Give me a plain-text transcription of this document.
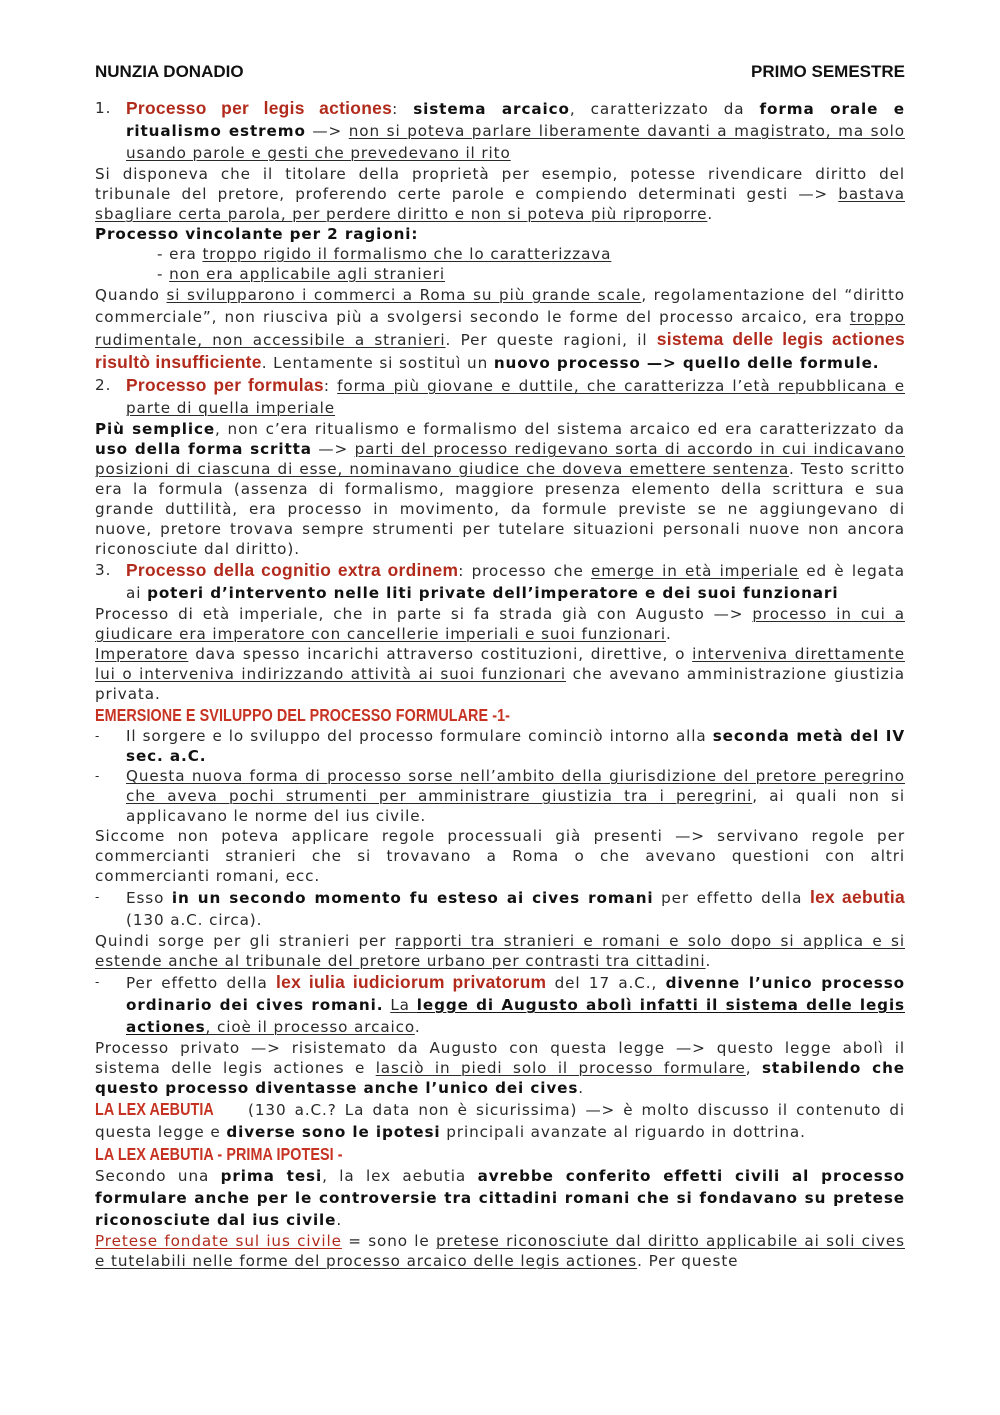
NUNZIA DONADIO	PRIMO SEMESTRE

1. Processo per legis actiones: sistema arcaico, caratterizzato da forma orale e ritualismo estremo —> non si poteva parlare liberamente davanti a magistrato, ma solo usando parole e gesti che prevedevano il rito

Si disponeva che il titolare della proprietà per esempio, potesse rivendicare diritto del tribunale del pretore, proferendo certe parole e compiendo determinati gesti —> bastava sbagliare certa parola, per perdere diritto e non si poteva più riproporre.

Processo vincolante per 2 ragioni:

- era troppo rigido il formalismo che lo caratterizzava

- non era applicabile agli stranieri

Quando si svilupparono i commerci a Roma su più grande scale, regolamentazione del “diritto commerciale”, non riusciva più a svolgersi secondo le forme del processo arcaico, era troppo rudimentale, non accessibile a stranieri. Per queste ragioni, il sistema delle legis actiones risultò insufficiente. Lentamente si sostituì un nuovo processo —> quello delle formule.

2. Processo per formulas: forma più giovane e duttile, che caratterizza l’età repubblicana e parte di quella imperiale

Più semplice, non c’era ritualismo e formalismo del sistema arcaico ed era caratterizzato da uso della forma scritta —> parti del processo redigevano sorta di accordo in cui indicavano posizioni di ciascuna di esse, nominavano giudice che doveva emettere sentenza. Testo scritto era la formula (assenza di formalismo, maggiore presenza elemento della scrittura e sua grande duttilità, era processo in movimento, da formule previste se ne aggiungevano di nuove, pretore trovava sempre strumenti per tutelare situazioni personali nuove non ancora riconosciute dal diritto).

3. Processo della cognitio extra ordinem: processo che emerge in età imperiale ed è legata ai poteri d’intervento nelle liti private dell’imperatore e dei suoi funzionari

Processo di età imperiale, che in parte si fa strada già con Augusto —> processo in cui a giudicare era imperatore con cancellerie imperiali e suoi funzionari.

Imperatore dava spesso incarichi attraverso costituzioni, direttive, o interveniva direttamente lui o interveniva indirizzando attività ai suoi funzionari che avevano amministrazione giustizia privata.

EMERSIONE E SVILUPPO DEL PROCESSO FORMULARE -1-

- Il sorgere e lo sviluppo del processo formulare cominciò intorno alla seconda metà del IV sec. a.C.

- Questa nuova forma di processo sorse nell’ambito della giurisdizione del pretore peregrino che aveva pochi strumenti per amministrare giustizia tra i peregrini, ai quali non si applicavano le norme del ius civile.

Siccome non poteva applicare regole processuali già presenti —> servivano regole per commercianti stranieri che si trovavano a Roma o che avevano questioni con altri commercianti romani, ecc.

- Esso in un secondo momento fu esteso ai cives romani per effetto della lex aebutia (130 a.C. circa).

Quindi sorge per gli stranieri per rapporti tra stranieri e romani e solo dopo si applica e si estende anche al tribunale del pretore urbano per contrasti tra cittadini.

- Per effetto della lex iulia iudiciorum privatorum del 17 a.C., divenne l’unico processo ordinario dei cives romani. La legge di Augusto abolì infatti il sistema delle legis actiones, cioè il processo arcaico.

Processo privato —> risistemato da Augusto con questa legge —> questo legge abolì il sistema delle legis actiones e lasciò in piedi solo il processo formulare, stabilendo che questo processo diventasse anche l’unico dei cives.

LA LEX AEBUTIA (130 a.C.? La data non è sicurissima) —> è molto discusso il contenuto di questa legge e diverse sono le ipotesi principali avanzate al riguardo in dottrina.

LA LEX AEBUTIA - PRIMA IPOTESI -

Secondo una prima tesi, la lex aebutia avrebbe conferito effetti civili al processo formulare anche per le controversie tra cittadini romani che si fondavano su pretese riconosciute dal ius civile.

Pretese fondate sul ius civile = sono le pretese riconosciute dal diritto applicabile ai soli cives e tutelabili nelle forme del processo arcaico delle legis actiones. Per queste
